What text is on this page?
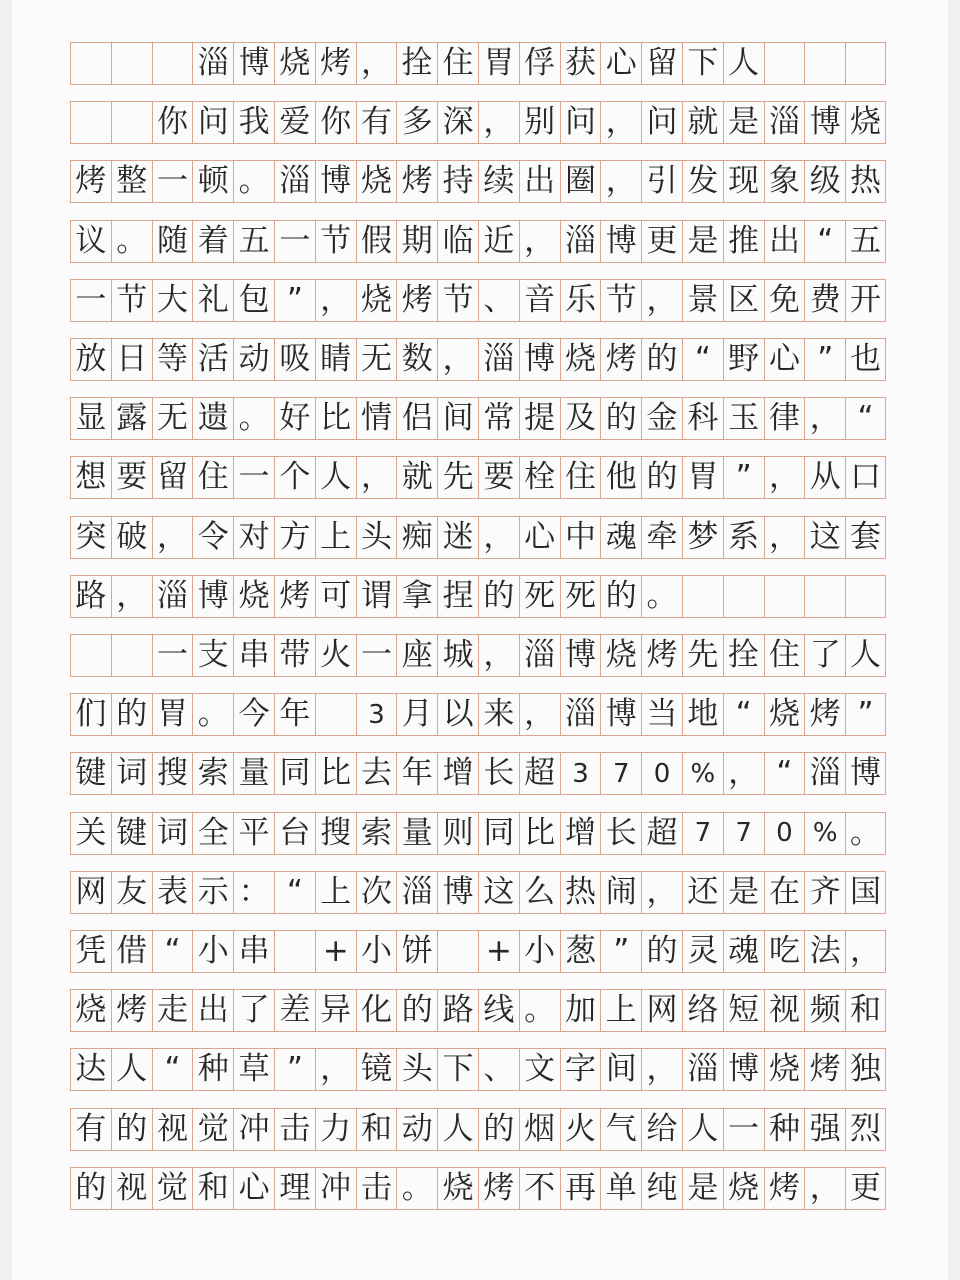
淄 博 烧 烤 ， 拴 住 胃 俘 获 心 留 下 人
你 问 我 爱 你 有 多 深 ， 别 问 ， 问 就 是 淄 博 烧
烤 整 一 顿 。 淄 博 烧 烤 持 续 出 圈 ， 引 发 现 象 级 热
议 。 随 着 五 一 节 假 期 临 近 ， 淄 博 更 是 推 出 “ 五
一 节 大 礼 包 ” ， 烧 烤 节 、 音 乐 节 ， 景 区 免 费 开
放 日 等 活 动 吸 睛 无 数 ， 淄 博 烧 烤 的 “ 野 心 ” 也
显 露 无 遗 。 好 比 情 侣 间 常 提 及 的 金 科 玉 律 ， “
想 要 留 住 一 个 人 ， 就 先 要 栓 住 他 的 胃 ” ， 从 口
突 破 ， 令 对 方 上 头 痴 迷 ， 心 中 魂 牵 梦 系 ， 这 套
路 ， 淄 博 烧 烤 可 谓 拿 捏 的 死 死 的 。
一 支 串 带 火 一 座 城 ， 淄 博 烧 烤 先 拴 住 了 人
们 的 胃 。 今 年	3 月 以 来 ， 淄 博 当 地 “ 烧 烤 ”
键 词 搜 索 量 同 比 去 年 增 长 超 3 7 0 % ， “ 淄 博
关 键 词 全 平 台 搜 索 量 则 同 比 增 长 超 7 7 0 % 。
网 友 表 示 ： “ 上 次 淄 博 这 么 热 闹 ， 还 是 在 齐 国
凭 借 “ 小 串 + 小 饼 + 小 葱 ” 的 灵 魂 吃 法 ，
烧 烤 走 出 了 差 异 化 的 路 线 。 加 上 网 络 短 视 频 和
达 人 “ 种 草 ” ， 镜 头 下 、 文 字 间 ， 淄 博 烧 烤 独
有 的 视 觉 冲 击 力 和 动 人 的 烟 火 气 给 人 一 种 强 烈
的 视 觉 和 心 理 冲 击 。 烧 烤 不 再 单 纯 是 烧 烤 ， 更
